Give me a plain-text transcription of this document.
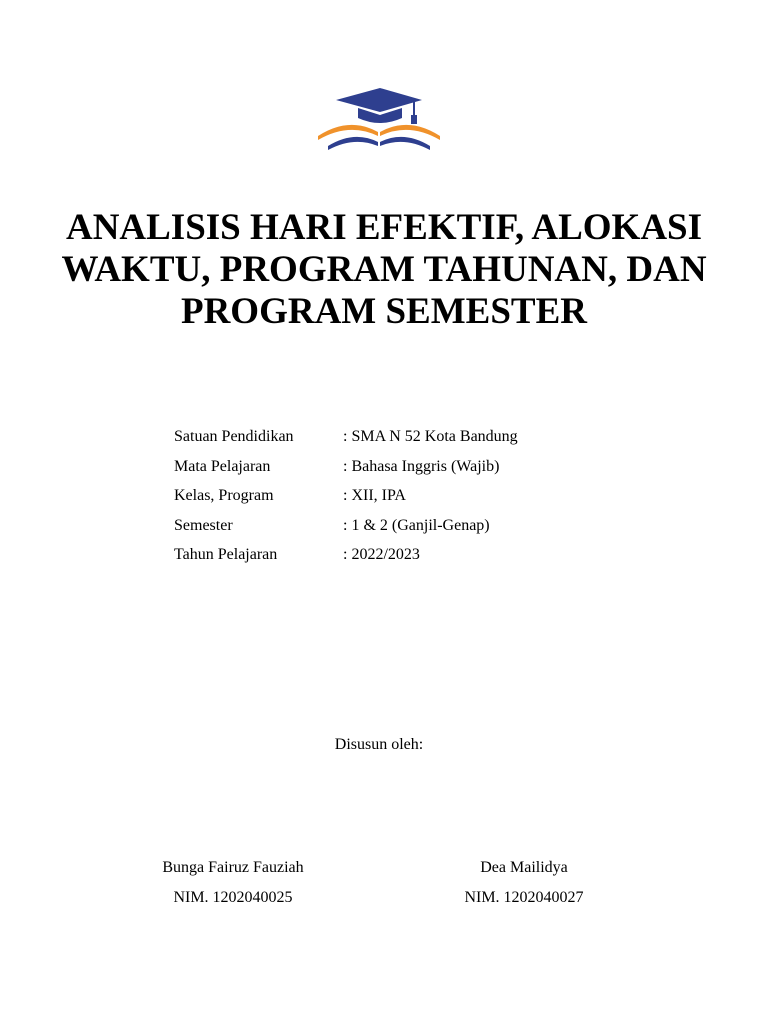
ANALISIS HARI EFEKTIF, ALOKASI
WAKTU, PROGRAM TAHUNAN, DAN
PROGRAM SEMESTER
Satuan Pendidikan	: SMA N 52 Kota Bandung
Mata Pelajaran	: Bahasa Inggris (Wajib)
Kelas, Program	: XII, IPA
Semester	: 1 & 2 (Ganjil-Genap)
Tahun Pelajaran	: 2022/2023
Disusun oleh:
Bunga Fairuz Fauziah
NIM. 1202040025
Dea Mailidya
NIM. 1202040027
